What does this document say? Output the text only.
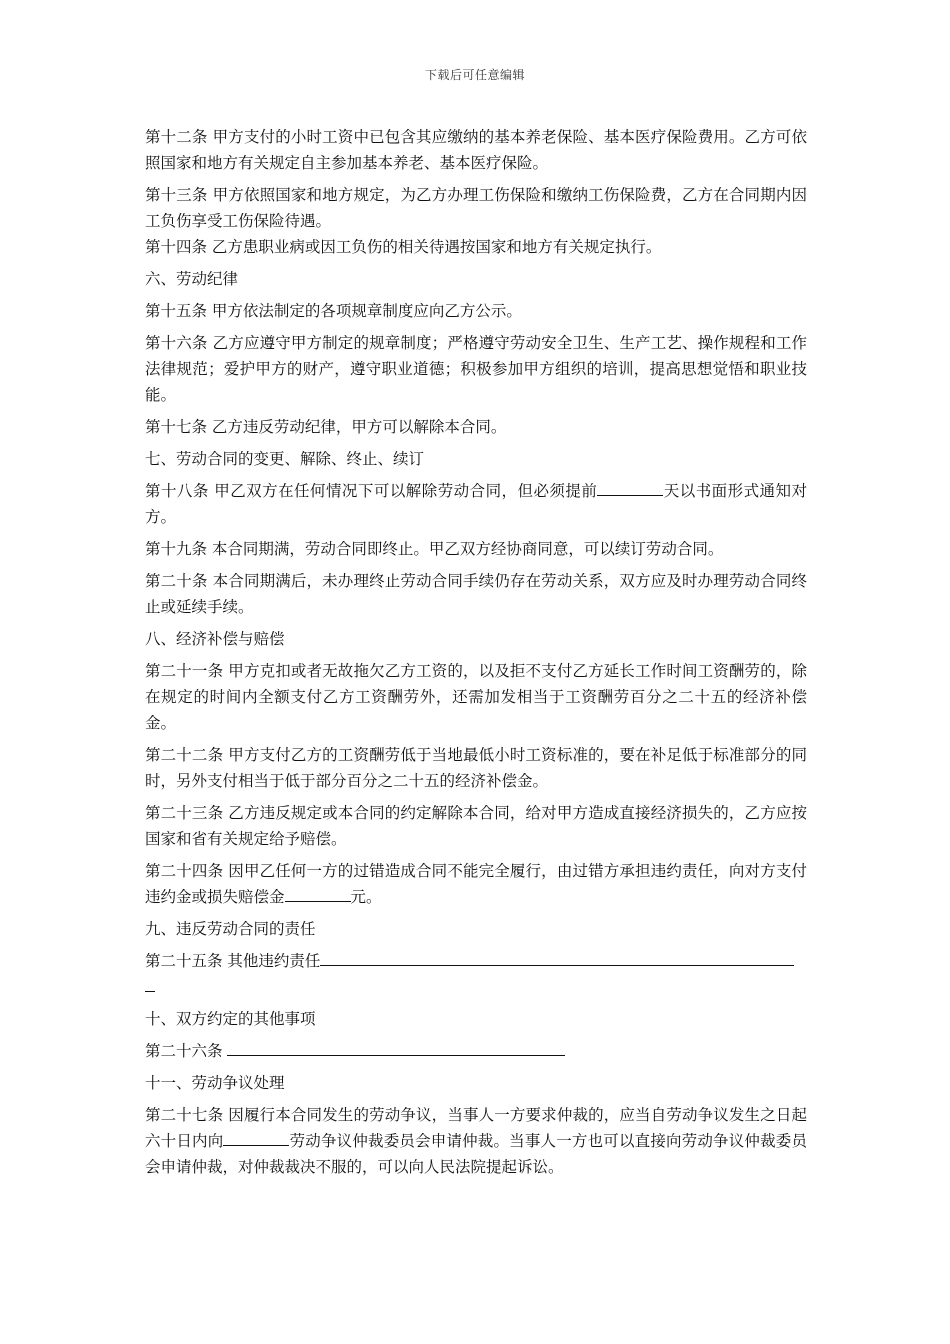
下载后可任意编辑

第十二条 甲方支付的小时工资中已包含其应缴纳的基本养老保险、基本医疗保险费用。乙方可依照国家和地方有关规定自主参加基本养老、基本医疗保险。

第十三条 甲方依照国家和地方规定，为乙方办理工伤保险和缴纳工伤保险费，乙方在合同期内因工负伤享受工伤保险待遇。

第十四条 乙方患职业病或因工负伤的相关待遇按国家和地方有关规定执行。

六、劳动纪律

第十五条 甲方依法制定的各项规章制度应向乙方公示。

第十六条 乙方应遵守甲方制定的规章制度；严格遵守劳动安全卫生、生产工艺、操作规程和工作法律规范；爱护甲方的财产，遵守职业道德；积极参加甲方组织的培训，提高思想觉悟和职业技能。

第十七条 乙方违反劳动纪律，甲方可以解除本合同。

七、劳动合同的变更、解除、终止、续订

第十八条 甲乙双方在任何情况下可以解除劳动合同，但必须提前	天以书面形式通知对方。

第十九条 本合同期满，劳动合同即终止。甲乙双方经协商同意，可以续订劳动合同。

第二十条 本合同期满后，未办理终止劳动合同手续仍存在劳动关系，双方应及时办理劳动合同终止或延续手续。

八、经济补偿与赔偿

第二十一条 甲方克扣或者无故拖欠乙方工资的，以及拒不支付乙方延长工作时间工资酬劳的，除在规定的时间内全额支付乙方工资酬劳外，还需加发相当于工资酬劳百分之二十五的经济补偿金。

第二十二条 甲方支付乙方的工资酬劳低于当地最低小时工资标准的，要在补足低于标准部分的同时，另外支付相当于低于部分百分之二十五的经济补偿金。

第二十三条 乙方违反规定或本合同的约定解除本合同，给对甲方造成直接经济损失的，乙方应按国家和省有关规定给予赔偿。

第二十四条 因甲乙任何一方的过错造成合同不能完全履行，由过错方承担违约责任，向对方支付违约金或损失赔偿金	元。

九、违反劳动合同的责任

第二十五条 其他违约责任

十、双方约定的其他事项

第二十六条

十一、劳动争议处理

第二十七条 因履行本合同发生的劳动争议，当事人一方要求仲裁的，应当自劳动争议发生之日起六十日内向	劳动争议仲裁委员会申请仲裁。当事人一方也可以直接向劳动争议仲裁委员会申请仲裁，对仲裁裁决不服的，可以向人民法院提起诉讼。
